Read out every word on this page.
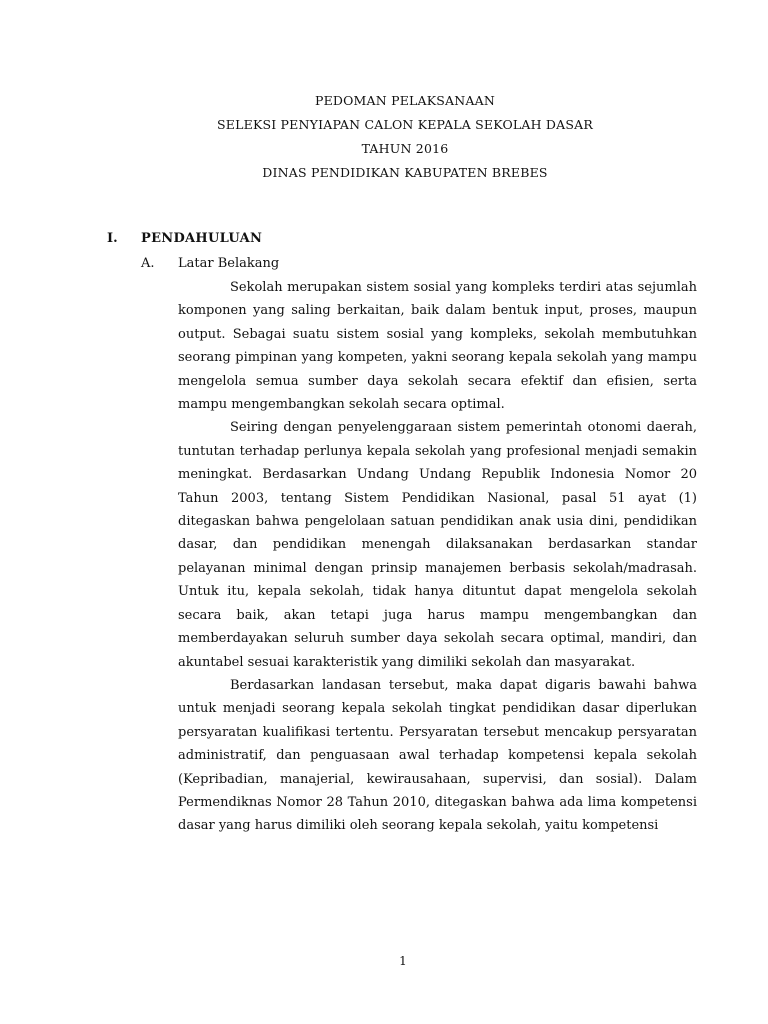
PEDOMAN PELAKSANAAN
SELEKSI PENYIAPAN CALON KEPALA SEKOLAH DASAR
TAHUN 2016
DINAS PENDIDIKAN KABUPATEN BREBES
I. PENDAHULUAN
A. Latar Belakang

Sekolah merupakan sistem sosial yang kompleks terdiri atas sejumlah komponen yang saling berkaitan, baik dalam bentuk input, proses, maupun output. Sebagai suatu sistem sosial yang kompleks, sekolah membutuhkan seorang pimpinan yang kompeten, yakni seorang kepala sekolah yang mampu mengelola semua sumber daya sekolah secara efektif dan efisien, serta mampu mengembangkan sekolah secara optimal.

Seiring dengan penyelenggaraan sistem pemerintah otonomi daerah, tuntutan terhadap perlunya kepala sekolah yang profesional menjadi semakin meningkat. Berdasarkan Undang Undang Republik Indonesia Nomor 20 Tahun 2003, tentang Sistem Pendidikan Nasional, pasal 51 ayat (1) ditegaskan bahwa pengelolaan satuan pendidikan anak usia dini, pendidikan dasar, dan pendidikan menengah dilaksanakan berdasarkan standar pelayanan minimal dengan prinsip manajemen berbasis sekolah/madrasah. Untuk itu, kepala sekolah, tidak hanya dituntut dapat mengelola sekolah secara baik, akan tetapi juga harus mampu mengembangkan dan memberdayakan seluruh sumber daya sekolah secara optimal, mandiri, dan akuntabel sesuai karakteristik yang dimiliki sekolah dan masyarakat.

Berdasarkan landasan tersebut, maka dapat digaris bawahi bahwa untuk menjadi seorang kepala sekolah tingkat pendidikan dasar diperlukan persyaratan kualifikasi tertentu. Persyaratan tersebut mencakup persyaratan administratif, dan penguasaan awal terhadap kompetensi kepala sekolah (Kepribadian, manajerial, kewirausahaan, supervisi, dan sosial). Dalam Permendiknas Nomor 28 Tahun 2010, ditegaskan bahwa ada lima kompetensi dasar yang harus dimiliki oleh seorang kepala sekolah, yaitu kompetensi

1
